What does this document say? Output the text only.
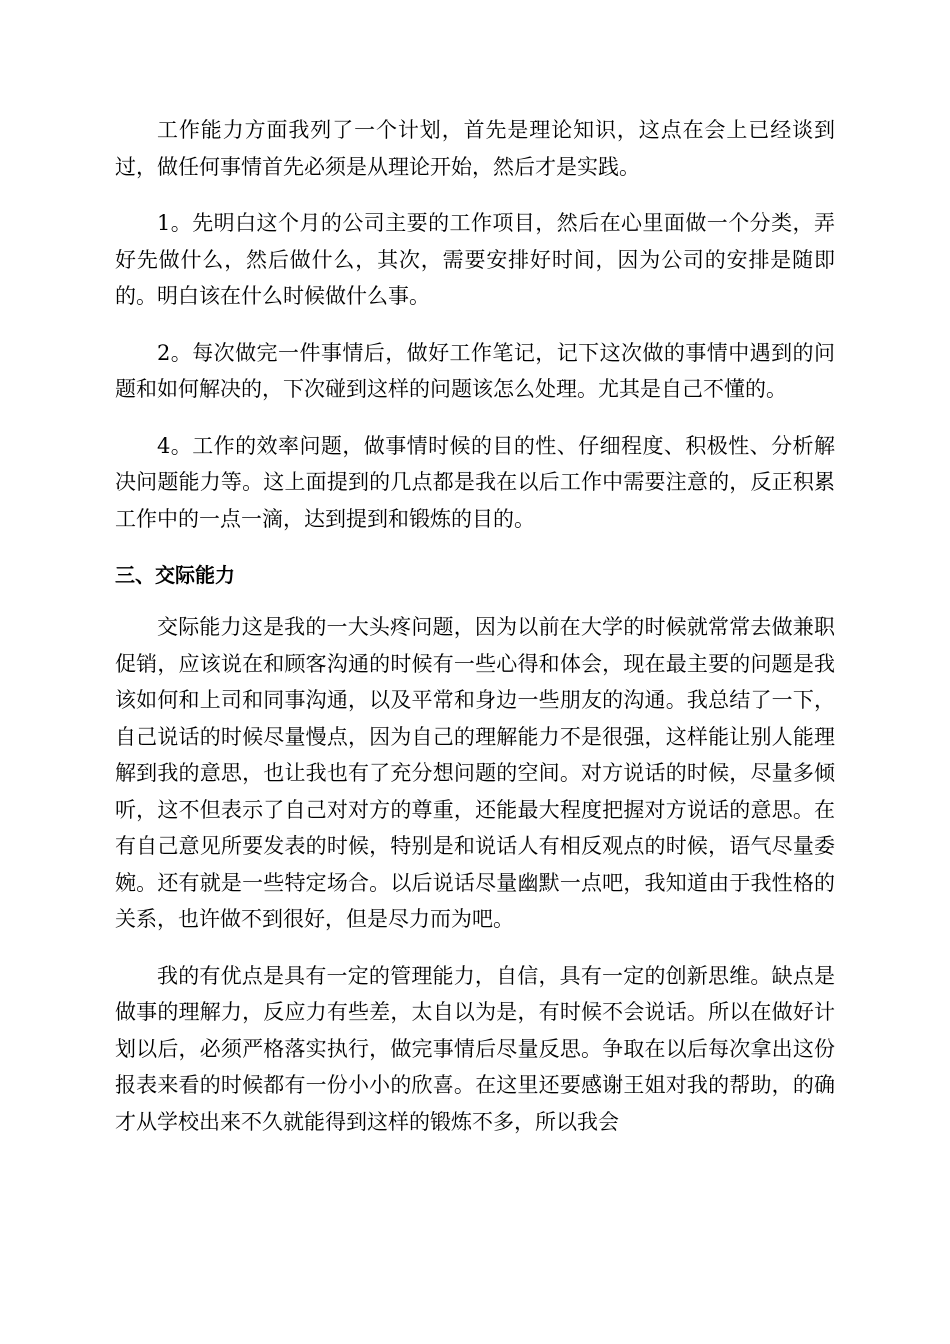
工作能力方面我列了一个计划，首先是理论知识，这点在会上已经谈到过，做任何事情首先必须是从理论开始，然后才是实践。

1。先明白这个月的公司主要的工作项目，然后在心里面做一个分类，弄好先做什么，然后做什么，其次，需要安排好时间，因为公司的安排是随即的。明白该在什么时候做什么事。

2。每次做完一件事情后，做好工作笔记，记下这次做的事情中遇到的问题和如何解决的，下次碰到这样的问题该怎么处理。尤其是自己不懂的。

4。工作的效率问题，做事情时候的目的性、仔细程度、积极性、分析解决问题能力等。这上面提到的几点都是我在以后工作中需要注意的，反正积累工作中的一点一滴，达到提到和锻炼的目的。

三、交际能力

交际能力这是我的一大头疼问题，因为以前在大学的时候就常常去做兼职促销，应该说在和顾客沟通的时候有一些心得和体会，现在最主要的问题是我该如何和上司和同事沟通，以及平常和身边一些朋友的沟通。我总结了一下，自己说话的时候尽量慢点，因为自己的理解能力不是很强，这样能让别人能理解到我的意思，也让我也有了充分想问题的空间。对方说话的时候，尽量多倾听，这不但表示了自己对对方的尊重，还能最大程度把握对方说话的意思。在有自己意见所要发表的时候，特别是和说话人有相反观点的时候，语气尽量委婉。还有就是一些特定场合。以后说话尽量幽默一点吧，我知道由于我性格的关系，也许做不到很好，但是尽力而为吧。

我的有优点是具有一定的管理能力，自信，具有一定的创新思维。缺点是做事的理解力，反应力有些差，太自以为是，有时候不会说话。所以在做好计划以后，必须严格落实执行，做完事情后尽量反思。争取在以后每次拿出这份报表来看的时候都有一份小小的欣喜。在这里还要感谢王姐对我的帮助，的确才从学校出来不久就能得到这样的锻炼不多，所以我会
